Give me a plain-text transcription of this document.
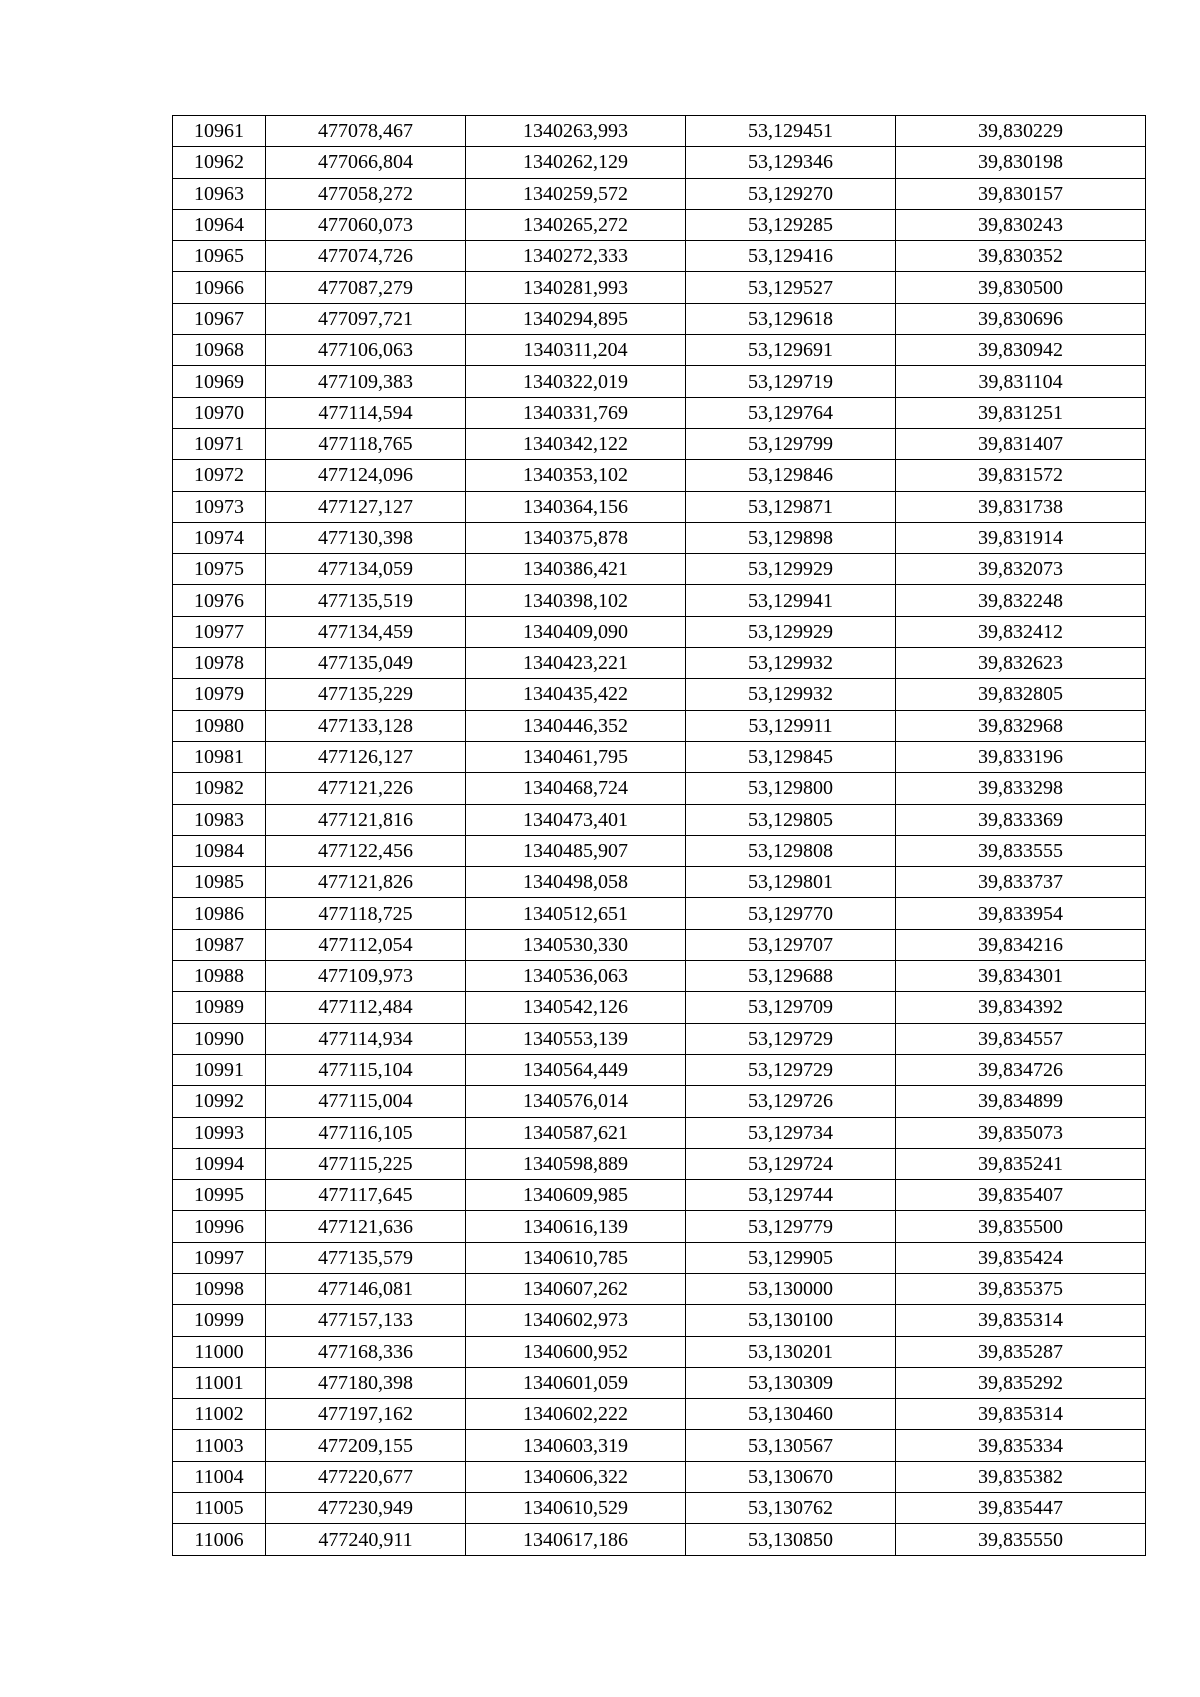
10961	477078,467	1340263,993	53,129451	39,830229
10962	477066,804	1340262,129	53,129346	39,830198
10963	477058,272	1340259,572	53,129270	39,830157
10964	477060,073	1340265,272	53,129285	39,830243
10965	477074,726	1340272,333	53,129416	39,830352
10966	477087,279	1340281,993	53,129527	39,830500
10967	477097,721	1340294,895	53,129618	39,830696
10968	477106,063	1340311,204	53,129691	39,830942
10969	477109,383	1340322,019	53,129719	39,831104
10970	477114,594	1340331,769	53,129764	39,831251
10971	477118,765	1340342,122	53,129799	39,831407
10972	477124,096	1340353,102	53,129846	39,831572
10973	477127,127	1340364,156	53,129871	39,831738
10974	477130,398	1340375,878	53,129898	39,831914
10975	477134,059	1340386,421	53,129929	39,832073
10976	477135,519	1340398,102	53,129941	39,832248
10977	477134,459	1340409,090	53,129929	39,832412
10978	477135,049	1340423,221	53,129932	39,832623
10979	477135,229	1340435,422	53,129932	39,832805
10980	477133,128	1340446,352	53,129911	39,832968
10981	477126,127	1340461,795	53,129845	39,833196
10982	477121,226	1340468,724	53,129800	39,833298
10983	477121,816	1340473,401	53,129805	39,833369
10984	477122,456	1340485,907	53,129808	39,833555
10985	477121,826	1340498,058	53,129801	39,833737
10986	477118,725	1340512,651	53,129770	39,833954
10987	477112,054	1340530,330	53,129707	39,834216
10988	477109,973	1340536,063	53,129688	39,834301
10989	477112,484	1340542,126	53,129709	39,834392
10990	477114,934	1340553,139	53,129729	39,834557
10991	477115,104	1340564,449	53,129729	39,834726
10992	477115,004	1340576,014	53,129726	39,834899
10993	477116,105	1340587,621	53,129734	39,835073
10994	477115,225	1340598,889	53,129724	39,835241
10995	477117,645	1340609,985	53,129744	39,835407
10996	477121,636	1340616,139	53,129779	39,835500
10997	477135,579	1340610,785	53,129905	39,835424
10998	477146,081	1340607,262	53,130000	39,835375
10999	477157,133	1340602,973	53,130100	39,835314
11000	477168,336	1340600,952	53,130201	39,835287
11001	477180,398	1340601,059	53,130309	39,835292
11002	477197,162	1340602,222	53,130460	39,835314
11003	477209,155	1340603,319	53,130567	39,835334
11004	477220,677	1340606,322	53,130670	39,835382
11005	477230,949	1340610,529	53,130762	39,835447
11006	477240,911	1340617,186	53,130850	39,835550
